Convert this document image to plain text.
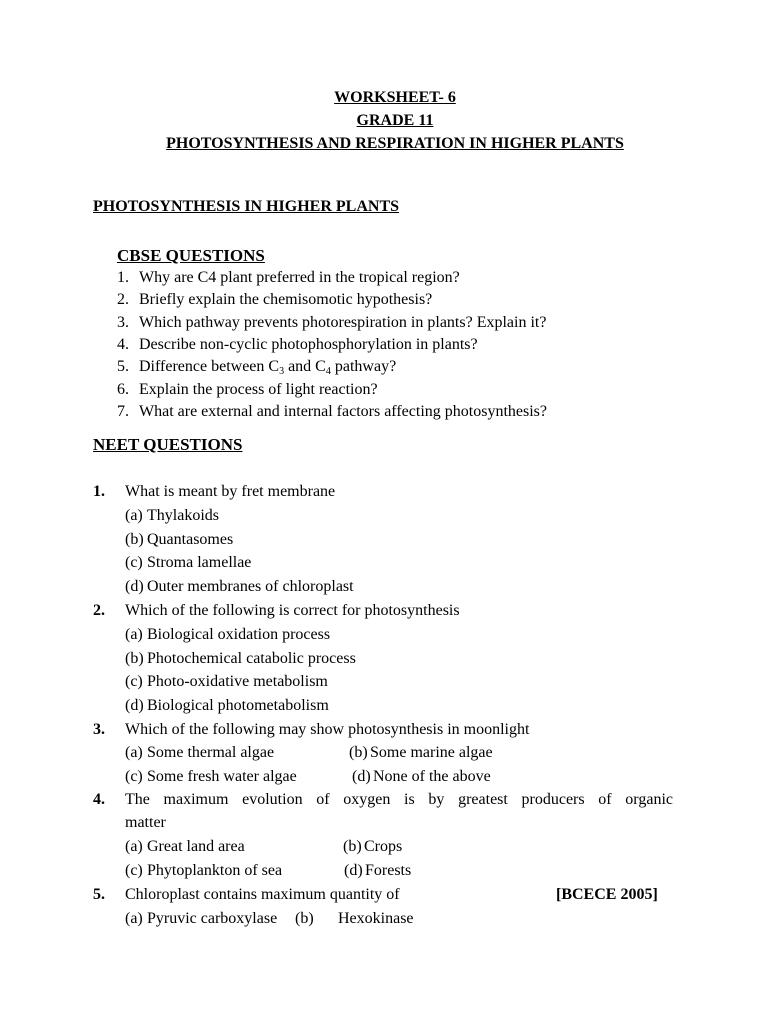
WORKSHEET- 6
GRADE 11
PHOTOSYNTHESIS AND RESPIRATION IN HIGHER PLANTS
PHOTOSYNTHESIS IN HIGHER PLANTS
CBSE QUESTIONS
1. Why are C4 plant preferred in the tropical region?
2. Briefly explain the chemisomotic hypothesis?
3. Which pathway prevents photorespiration in plants? Explain it?
4. Describe non-cyclic photophosphorylation in plants?
5. Difference between $C_3$ and $C_4$ pathway?
6. Explain the process of light reaction?
7. What are external and internal factors affecting photosynthesis?
NEET QUESTIONS
1. What is meant by fret membrane
(a) Thylakoids
(b) Quantasomes
(c) Stroma lamellae
(d) Outer membranes of chloroplast
2. Which of the following is correct for photosynthesis
(a) Biological oxidation process
(b) Photochemical catabolic process
(c) Photo-oxidative metabolism
(d) Biological photometabolism
3. Which of the following may show photosynthesis in moonlight
(a) Some thermal algae	(b) Some marine algae
(c) Some fresh water algae	(d) None of the above
4. The maximum evolution of oxygen is by greatest producers of organic
matter
(a) Great land area	(b) Crops
(c) Phytoplankton of sea	(d) Forests
5. Chloroplast contains maximum quantity of	[BCECE 2005]
(a) Pyruvic carboxylase (b) Hexokinase
